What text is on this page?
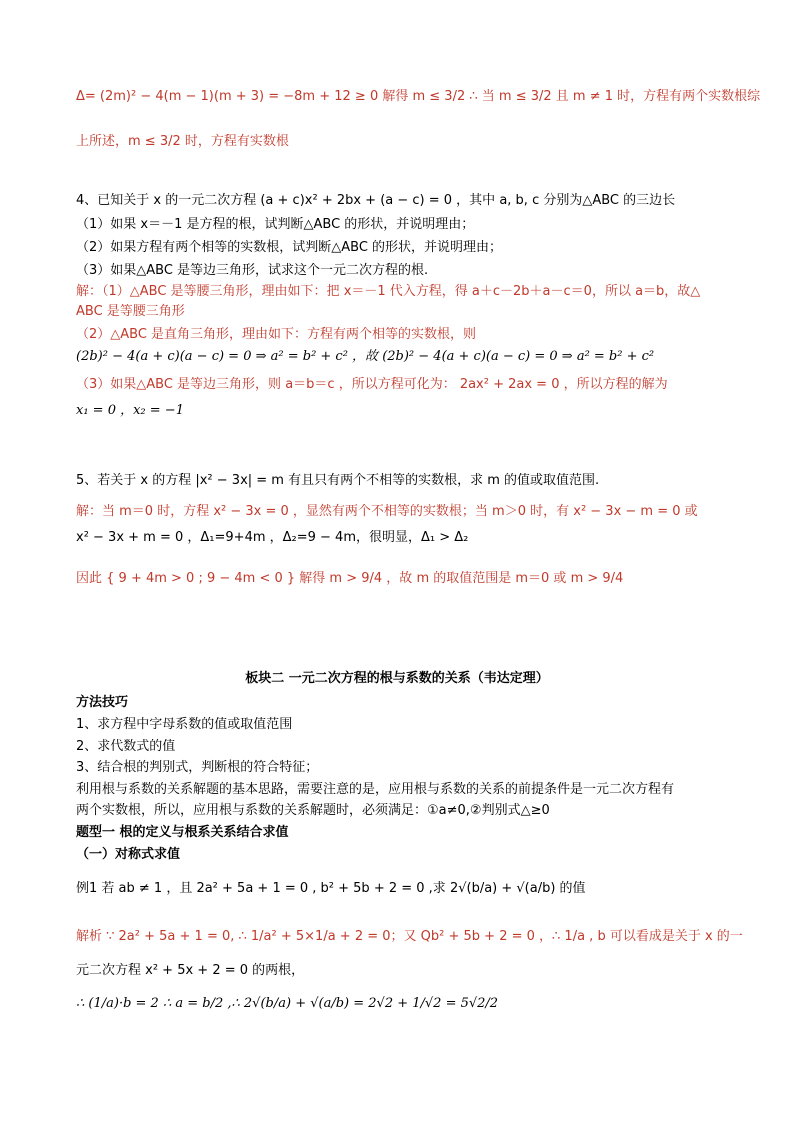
Δ= (2m)² − 4(m − 1)(m + 3) = −8m + 12 ≥ 0 解得 m ≤ 3/2 ∴ 当 m ≤ 3/2 且 m ≠ 1 时，方程有两个实数根综
上所述，m ≤ 3/2 时，方程有实数根
4、已知关于 x 的一元二次方程 (a + c)x² + 2bx + (a − c) = 0 ，其中 a, b, c 分别为△ABC 的三边长
（1）如果 x＝－1 是方程的根，试判断△ABC 的形状，并说明理由；
（2）如果方程有两个相等的实数根，试判断△ABC 的形状，并说明理由；
（3）如果△ABC 是等边三角形，试求这个一元二次方程的根.
解：（1）△ABC 是等腰三角形，理由如下：把 x＝－1 代入方程，得 a＋c－2b＋a－c＝0，所以 a＝b，故△
ABC 是等腰三角形
（2）△ABC 是直角三角形，理由如下：方程有两个相等的实数根，则
(2b)² − 4(a + c)(a − c) = 0 ⇒ a² = b² + c² ，故 (2b)² − 4(a + c)(a − c) = 0 ⇒ a² = b² + c²
（3）如果△ABC 是等边三角形，则 a＝b＝c ，所以方程可化为： 2ax² + 2ax = 0 ，所以方程的解为
x₁ = 0 ，x₂ = −1
5、若关于 x 的方程 |x² − 3x| = m 有且只有两个不相等的实数根，求 m 的值或取值范围.
解：当 m＝0 时，方程 x² − 3x = 0 ，显然有两个不相等的实数根；当 m＞0 时，有 x² − 3x − m = 0 或
x² − 3x + m = 0 ，Δ₁=9+4m ，Δ₂=9 − 4m，很明显，Δ₁ > Δ₂
因此 { 9 + 4m > 0 ; 9 − 4m < 0 } 解得 m > 9/4 ，故 m 的取值范围是 m＝0 或 m > 9/4
板块二 一元二次方程的根与系数的关系（韦达定理）
方法技巧
1、求方程中字母系数的值或取值范围
2、求代数式的值
3、结合根的判别式，判断根的符合特征；
利用根与系数的关系解题的基本思路，需要注意的是，应用根与系数的关系的前提条件是一元二次方程有
两个实数根，所以，应用根与系数的关系解题时，必须满足：①a≠0,②判别式△≥0
题型一 根的定义与根系关系结合求值
（一）对称式求值
例1 若 ab ≠ 1 ，且 2a² + 5a + 1 = 0 , b² + 5b + 2 = 0 ,求 2√(b/a) + √(a/b) 的值
解析 ∵ 2a² + 5a + 1 = 0, ∴ 1/a² + 5×1/a + 2 = 0；又 Qb² + 5b + 2 = 0 ，∴ 1/a , b 可以看成是关于 x 的一
元二次方程 x² + 5x + 2 = 0 的两根，
∴ (1/a)·b = 2 ∴ a = b/2 ,∴ 2√(b/a) + √(a/b) = 2√2 + 1/√2 = 5√2/2
